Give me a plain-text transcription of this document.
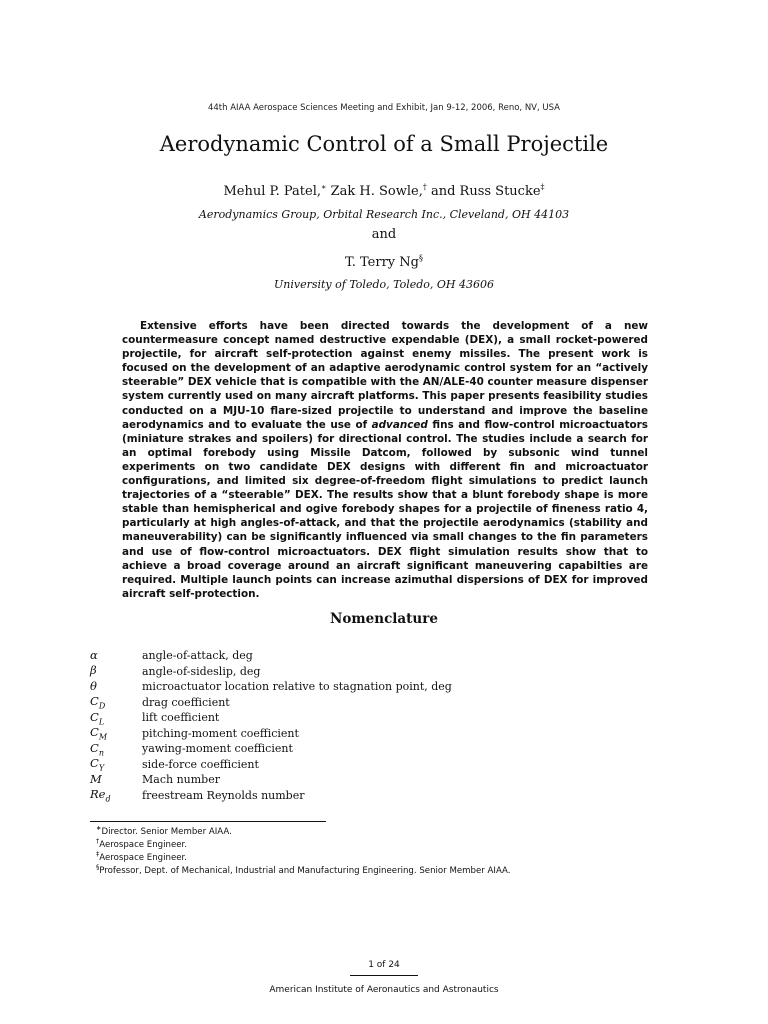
44th AIAA Aerospace Sciences Meeting and Exhibit, Jan 9-12, 2006, Reno, NV, USA
Aerodynamic Control of a Small Projectile
Mehul P. Patel,∗ Zak H. Sowle,† and Russ Stucke‡
Aerodynamics Group, Orbital Research Inc., Cleveland, OH 44103
and
T. Terry Ng§
University of Toledo, Toledo, OH 43606
Extensive efforts have been directed towards the development of a new countermeasure concept named destructive expendable (DEX), a small rocket-powered projectile, for aircraft self-protection against enemy missiles. The present work is focused on the development of an adaptive aerodynamic control system for an “actively steerable” DEX vehicle that is compatible with the AN/ALE-40 counter measure dispenser system currently used on many aircraft platforms. This paper presents feasibility studies conducted on a MJU-10 flare-sized projectile to understand and improve the baseline aerodynamics and to evaluate the use of advanced fins and flow-control microactuators (miniature strakes and spoilers) for directional control. The studies include a search for an optimal forebody using Missile Datcom, followed by subsonic wind tunnel experiments on two candidate DEX designs with different fin and microactuator configurations, and limited six degree-of-freedom flight simulations to predict launch trajectories of a “steerable” DEX. The results show that a blunt forebody shape is more stable than hemispherical and ogive forebody shapes for a projectile of fineness ratio 4, particularly at high angles-of-attack, and that the projectile aerodynamics (stability and maneuverability) can be significantly influenced via small changes to the fin parameters and use of flow-control microactuators. DEX flight simulation results show that to achieve a broad coverage around an aircraft significant maneuvering capabilties are required. Multiple launch points can increase azimuthal dispersions of DEX for improved aircraft self-protection.
Nomenclature
α	angle-of-attack, deg
β	angle-of-sideslip, deg
θ	microactuator location relative to stagnation point, deg
$C_D$	drag coefficient
$C_L$	lift coefficient
$C_M$	pitching-moment coefficient
$C_n$	yawing-moment coefficient
$C_Y$	side-force coefficient
M	Mach number
$Re_d$	freestream Reynolds number
∗Director. Senior Member AIAA.
†Aerospace Engineer.
‡Aerospace Engineer.
§Professor, Dept. of Mechanical, Industrial and Manufacturing Engineering. Senior Member AIAA.
1 of 24
American Institute of Aeronautics and Astronautics
